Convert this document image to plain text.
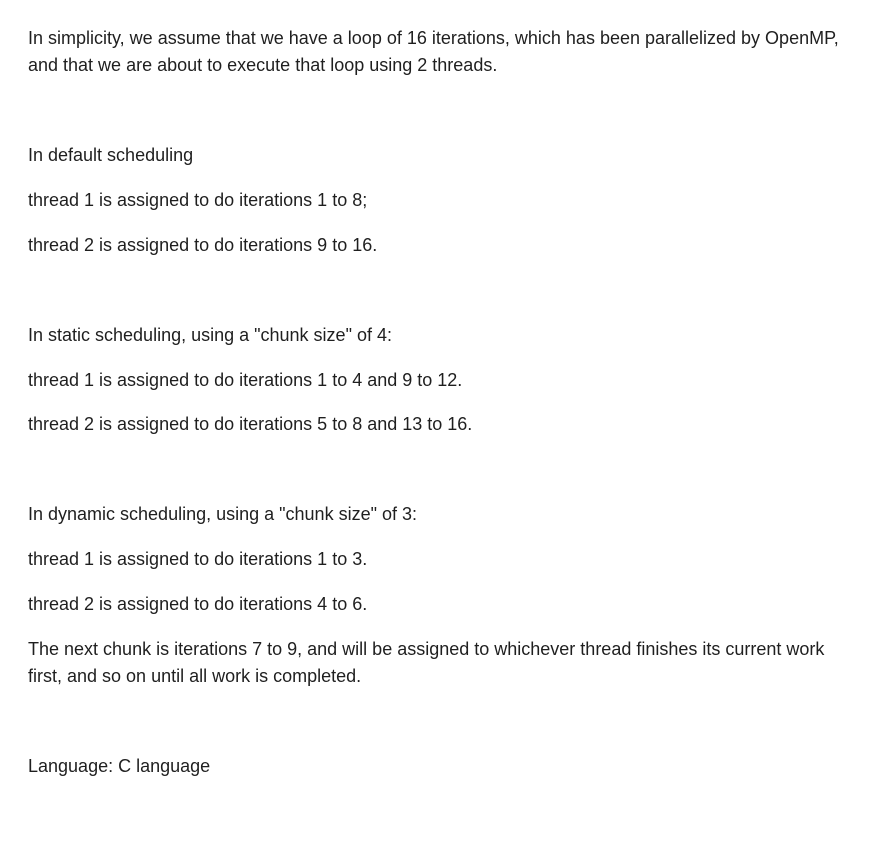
In simplicity, we assume that we have a loop of 16 iterations, which has been parallelized by OpenMP, and that we are about to execute that loop using 2 threads.
In default scheduling
thread 1 is assigned to do iterations 1 to 8;
thread 2 is assigned to do iterations 9 to 16.
In static scheduling, using a "chunk size" of 4:
thread 1 is assigned to do iterations 1 to 4 and 9 to 12.
thread 2 is assigned to do iterations 5 to 8 and 13 to 16.
In dynamic scheduling, using a "chunk size" of 3:
thread 1 is assigned to do iterations 1 to 3.
thread 2 is assigned to do iterations 4 to 6.
The next chunk is iterations 7 to 9, and will be assigned to whichever thread finishes its current work first, and so on until all work is completed.
Language: C language
